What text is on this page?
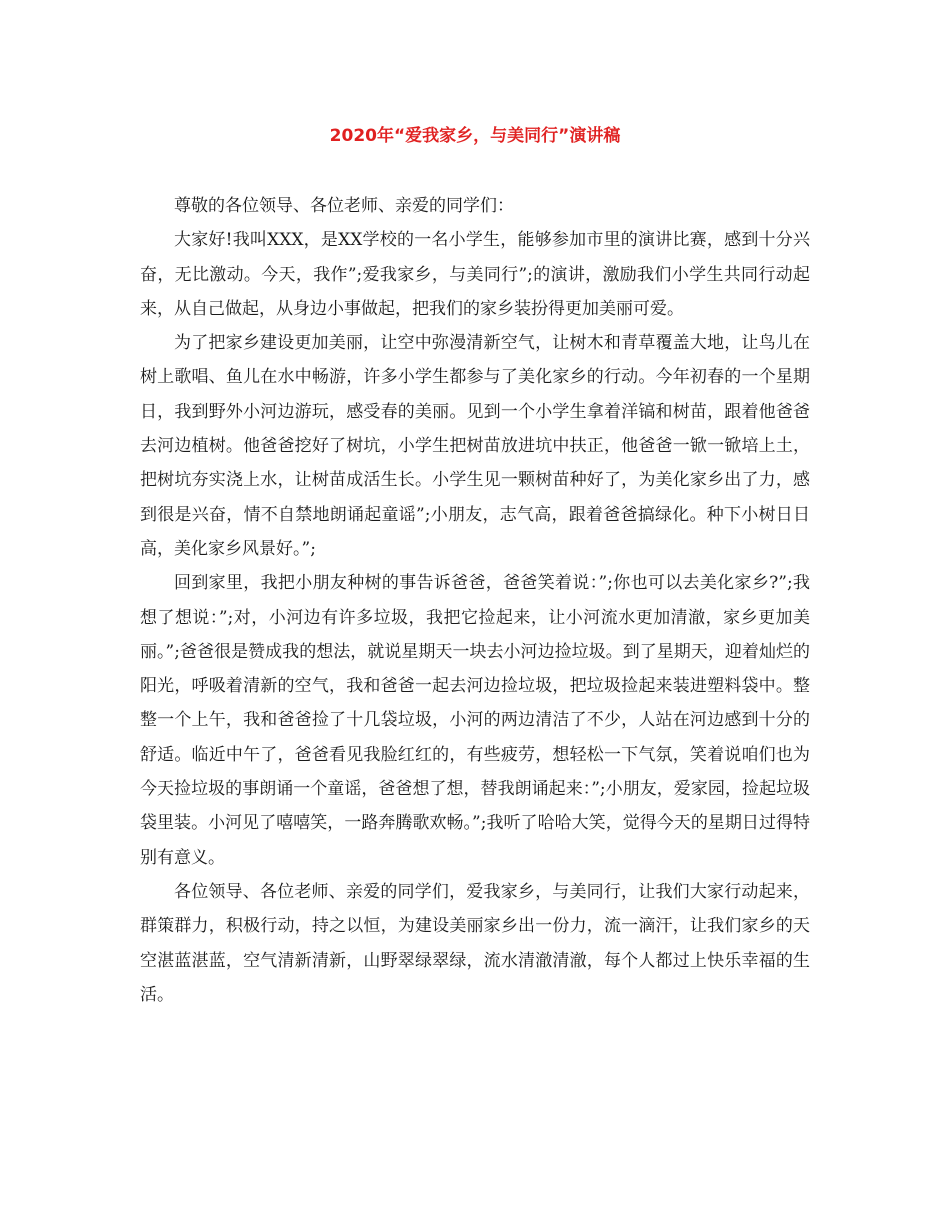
2020年“爱我家乡，与美同行”演讲稿

尊敬的各位领导、各位老师、亲爱的同学们：

大家好!我叫XXX，是XX学校的一名小学生，能够参加市里的演讲比赛，感到十分兴奋，无比激动。今天，我作”;爱我家乡，与美同行”;的演讲，激励我们小学生共同行动起来，从自己做起，从身边小事做起，把我们的家乡装扮得更加美丽可爱。

为了把家乡建设更加美丽，让空中弥漫清新空气，让树木和青草覆盖大地，让鸟儿在树上歌唱、鱼儿在水中畅游，许多小学生都参与了美化家乡的行动。今年初春的一个星期日，我到野外小河边游玩，感受春的美丽。见到一个小学生拿着洋镐和树苗，跟着他爸爸去河边植树。他爸爸挖好了树坑，小学生把树苗放进坑中扶正，他爸爸一锨一锨培上土，把树坑夯实浇上水，让树苗成活生长。小学生见一颗树苗种好了，为美化家乡出了力，感到很是兴奋，情不自禁地朗诵起童谣”;小朋友，志气高，跟着爸爸搞绿化。种下小树日日高，美化家乡风景好。”;

回到家里，我把小朋友种树的事告诉爸爸，爸爸笑着说：”;你也可以去美化家乡?”;我想了想说：”;对，小河边有许多垃圾，我把它捡起来，让小河流水更加清澈，家乡更加美丽。”;爸爸很是赞成我的想法，就说星期天一块去小河边捡垃圾。到了星期天，迎着灿烂的阳光，呼吸着清新的空气，我和爸爸一起去河边捡垃圾，把垃圾捡起来装进塑料袋中。整整一个上午，我和爸爸捡了十几袋垃圾，小河的两边清洁了不少，人站在河边感到十分的舒适。临近中午了，爸爸看见我脸红红的，有些疲劳，想轻松一下气氛，笑着说咱们也为今天捡垃圾的事朗诵一个童谣，爸爸想了想，替我朗诵起来：”;小朋友，爱家园，捡起垃圾袋里装。小河见了嘻嘻笑，一路奔腾歌欢畅。”;我听了哈哈大笑，觉得今天的星期日过得特别有意义。

各位领导、各位老师、亲爱的同学们，爱我家乡，与美同行，让我们大家行动起来，群策群力，积极行动，持之以恒，为建设美丽家乡出一份力，流一滴汗，让我们家乡的天空湛蓝湛蓝，空气清新清新，山野翠绿翠绿，流水清澈清澈，每个人都过上快乐幸福的生活。
